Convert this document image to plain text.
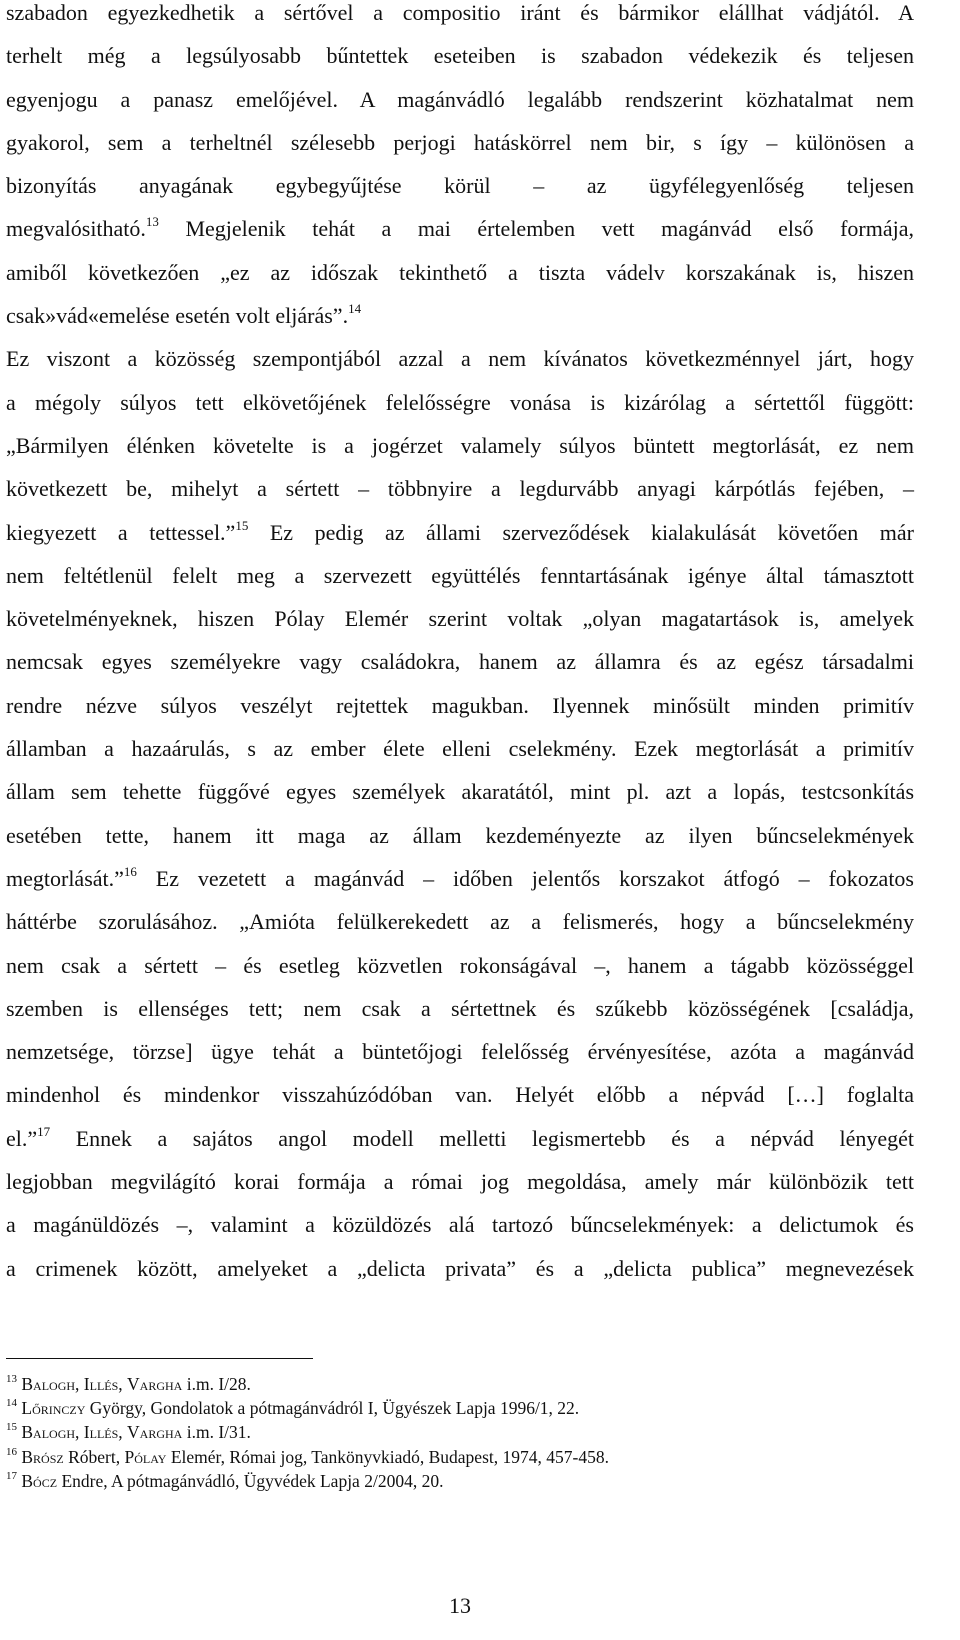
szabadon egyezkedhetik a sértővel a compositio iránt és bármikor elállhat vádjától. A
terhelt még a legsúlyosabb bűntettek eseteiben is szabadon védekezik és teljesen
egyenjogu a panasz emelőjével. A magánvádló legalább rendszerint közhatalmat nem
gyakorol, sem a terheltnél szélesebb perjogi hatáskörrel nem bir, s így – különösen a
bizonyítás anyagának egybegyűjtése körül – az ügyfélegyenlőség teljesen
megvalósitható.$^{13}$ Megjelenik tehát a mai értelemben vett magánvád első formája,
amiből következően „ez az időszak tekinthető a tiszta vádelv korszakának is, hiszen
csak»vád«emelése esetén volt eljárás”.$^{14}$
Ez viszont a közösség szempontjából azzal a nem kívánatos következménnyel járt, hogy
a mégoly súlyos tett elkövetőjének felelősségre vonása is kizárólag a sértettől függött:
„Bármilyen élénken követelte is a jogérzet valamely súlyos büntett megtorlását, ez nem
következett be, mihelyt a sértett – többnyire a legdurvább anyagi kárpótlás fejében, –
kiegyezett a tettessel.”$^{15}$ Ez pedig az állami szerveződések kialakulását követően már
nem feltétlenül felelt meg a szervezett együttélés fenntartásának igénye által támasztott
követelményeknek, hiszen Pólay Elemér szerint voltak „olyan magatartások is, amelyek
nemcsak egyes személyekre vagy családokra, hanem az államra és az egész társadalmi
rendre nézve súlyos veszélyt rejtettek magukban. Ilyennek minősült minden primitív
államban a hazaárulás, s az ember élete elleni cselekmény. Ezek megtorlását a primitív
állam sem tehette függővé egyes személyek akaratától, mint pl. azt a lopás, testcsonkítás
esetében tette, hanem itt maga az állam kezdeményezte az ilyen bűncselekmények
megtorlását.”$^{16}$ Ez vezetett a magánvád – időben jelentős korszakot átfogó – fokozatos
háttérbe szorulásához. „Amióta felülkerekedett az a felismerés, hogy a bűncselekmény
nem csak a sértett – és esetleg közvetlen rokonságával –, hanem a tágabb közösséggel
szemben is ellenséges tett; nem csak a sértettnek és szűkebb közösségének [családja,
nemzetsége, törzse] ügye tehát a büntetőjogi felelősség érvényesítése, azóta a magánvád
mindenhol és mindenkor visszahúzódóban van. Helyét előbb a népvád […] foglalta
el.”$^{17}$ Ennek a sajátos angol modell melletti legismertebb és a népvád lényegét
legjobban megvilágító korai formája a római jog megoldása, amely már különbözik tett
a magánüldözés –, valamint a közüldözés alá tartozó bűncselekmények: a delictumok és
a crimenek között, amelyeket a „delicta privata” és a „delicta publica” megnevezések
$^{13}$ Balogh, Illés, Vargha i.m. I/28.
$^{14}$ Lőrinczy György, Gondolatok a pótmagánvádról I, Ügyészek Lapja 1996/1, 22.
$^{15}$ Balogh, Illés, Vargha i.m. I/31.
$^{16}$ Brósz Róbert, Pólay Elemér, Római jog, Tankönyvkiadó, Budapest, 1974, 457-458.
$^{17}$ Bócz Endre, A pótmagánvádló, Ügyvédek Lapja 2/2004, 20.
13
